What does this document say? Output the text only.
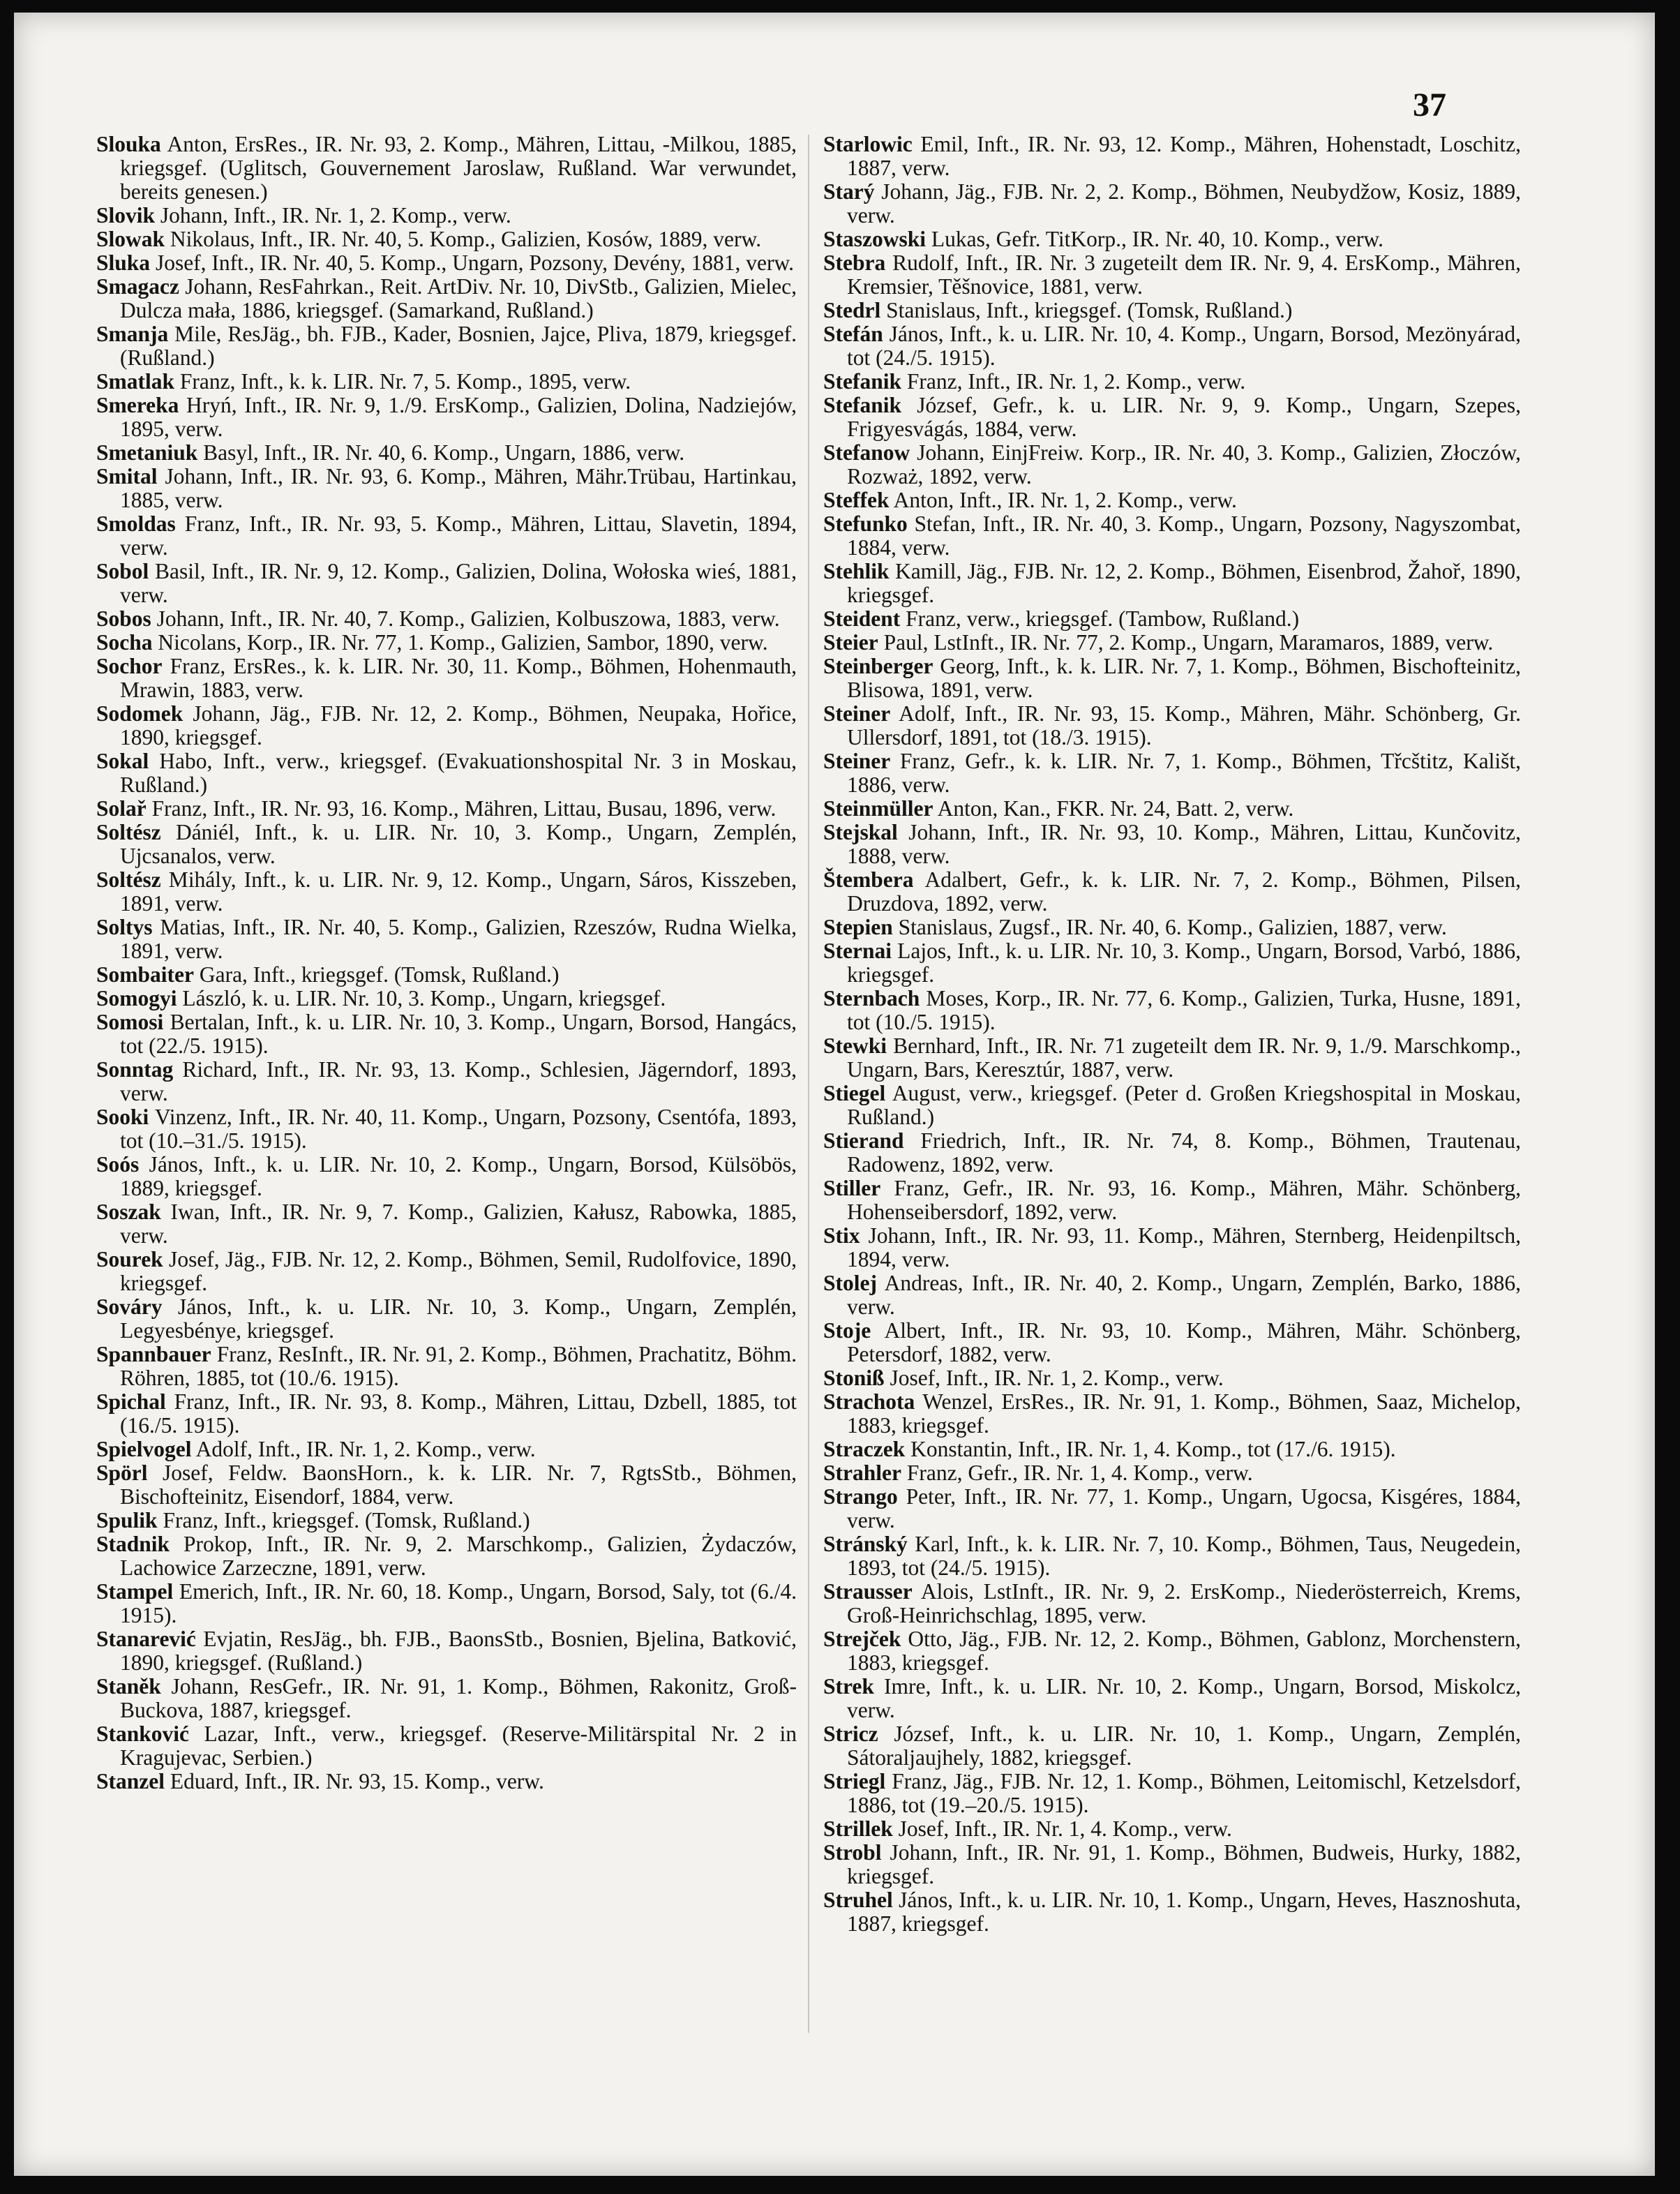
37
Slouka Anton, ErsRes., IR. Nr. 93, 2. Komp., Mähren, Littau, -Milkou, 1885, kriegsgef. (Uglitsch, Gouvernement Jaroslaw, Rußland. War verwundet, bereits genesen.)
Slovik Johann, Inft., IR. Nr. 1, 2. Komp., verw.
Slowak Nikolaus, Inft., IR. Nr. 40, 5. Komp., Galizien, Kosów, 1889, verw.
Sluka Josef, Inft., IR. Nr. 40, 5. Komp., Ungarn, Pozsony, Devény, 1881, verw.
Smagacz Johann, ResFahrkan., Reit. ArtDiv. Nr. 10, DivStb., Galizien, Mielec, Dulcza mała, 1886, kriegsgef. (Samarkand, Rußland.)
Smanja Mile, ResJäg., bh. FJB., Kader, Bosnien, Jajce, Pliva, 1879, kriegsgef. (Rußland.)
Smatlak Franz, Inft., k. k. LIR. Nr. 7, 5. Komp., 1895, verw.
Smereka Hryń, Inft., IR. Nr. 9, 1./9. ErsKomp., Galizien, Dolina, Nadziejów, 1895, verw.
Smetaniuk Basyl, Inft., IR. Nr. 40, 6. Komp., Ungarn, 1886, verw.
Smital Johann, Inft., IR. Nr. 93, 6. Komp., Mähren, Mähr.Trübau, Hartinkau, 1885, verw.
Smoldas Franz, Inft., IR. Nr. 93, 5. Komp., Mähren, Littau, Slavetin, 1894, verw.
Sobol Basil, Inft., IR. Nr. 9, 12. Komp., Galizien, Dolina, Wołoska wieś, 1881, verw.
Sobos Johann, Inft., IR. Nr. 40, 7. Komp., Galizien, Kolbuszowa, 1883, verw.
Socha Nicolans, Korp., IR. Nr. 77, 1. Komp., Galizien, Sambor, 1890, verw.
Sochor Franz, ErsRes., k. k. LIR. Nr. 30, 11. Komp., Böhmen, Hohenmauth, Mrawin, 1883, verw.
Sodomek Johann, Jäg., FJB. Nr. 12, 2. Komp., Böhmen, Neupaka, Hořice, 1890, kriegsgef.
Sokal Habo, Inft., verw., kriegsgef. (Evakuationshospital Nr. 3 in Moskau, Rußland.)
Solař Franz, Inft., IR. Nr. 93, 16. Komp., Mähren, Littau, Busau, 1896, verw.
Soltész Dániél, Inft., k. u. LIR. Nr. 10, 3. Komp., Ungarn, Zemplén, Ujcsanalos, verw.
Soltész Mihály, Inft., k. u. LIR. Nr. 9, 12. Komp., Ungarn, Sáros, Kisszeben, 1891, verw.
Soltys Matias, Inft., IR. Nr. 40, 5. Komp., Galizien, Rzeszów, Rudna Wielka, 1891, verw.
Sombaiter Gara, Inft., kriegsgef. (Tomsk, Rußland.)
Somogyi László, k. u. LIR. Nr. 10, 3. Komp., Ungarn, kriegsgef.
Somosi Bertalan, Inft., k. u. LIR. Nr. 10, 3. Komp., Ungarn, Borsod, Hangács, tot (22./5. 1915).
Sonntag Richard, Inft., IR. Nr. 93, 13. Komp., Schlesien, Jägerndorf, 1893, verw.
Sooki Vinzenz, Inft., IR. Nr. 40, 11. Komp., Ungarn, Pozsony, Csentófa, 1893, tot (10.–31./5. 1915).
Soós János, Inft., k. u. LIR. Nr. 10, 2. Komp., Ungarn, Borsod, Külsöbös, 1889, kriegsgef.
Soszak Iwan, Inft., IR. Nr. 9, 7. Komp., Galizien, Kałusz, Rabowka, 1885, verw.
Sourek Josef, Jäg., FJB. Nr. 12, 2. Komp., Böhmen, Semil, Rudolfovice, 1890, kriegsgef.
Sováry János, Inft., k. u. LIR. Nr. 10, 3. Komp., Ungarn, Zemplén, Legyesbénye, kriegsgef.
Spannbauer Franz, ResInft., IR. Nr. 91, 2. Komp., Böhmen, Prachatitz, Böhm. Röhren, 1885, tot (10./6. 1915).
Spichal Franz, Inft., IR. Nr. 93, 8. Komp., Mähren, Littau, Dzbell, 1885, tot (16./5. 1915).
Spielvogel Adolf, Inft., IR. Nr. 1, 2. Komp., verw.
Spörl Josef, Feldw. BaonsHorn., k. k. LIR. Nr. 7, RgtsStb., Böhmen, Bischofteinitz, Eisendorf, 1884, verw.
Spulik Franz, Inft., kriegsgef. (Tomsk, Rußland.)
Stadnik Prokop, Inft., IR. Nr. 9, 2. Marschkomp., Galizien, Żydaczów, Lachowice Zarzeczne, 1891, verw.
Stampel Emerich, Inft., IR. Nr. 60, 18. Komp., Ungarn, Borsod, Saly, tot (6./4. 1915).
Stanarević Evjatin, ResJäg., bh. FJB., BaonsStb., Bosnien, Bjelina, Batković, 1890, kriegsgef. (Rußland.)
Staněk Johann, ResGefr., IR. Nr. 91, 1. Komp., Böhmen, Rakonitz, Groß-Buckova, 1887, kriegsgef.
Stanković Lazar, Inft., verw., kriegsgef. (Reserve-Militärspital Nr. 2 in Kragujevac, Serbien.)
Stanzel Eduard, Inft., IR. Nr. 93, 15. Komp., verw.
Starlowic Emil, Inft., IR. Nr. 93, 12. Komp., Mähren, Hohenstadt, Loschitz, 1887, verw.
Starý Johann, Jäg., FJB. Nr. 2, 2. Komp., Böhmen, Neubydžow, Kosiz, 1889, verw.
Staszowski Lukas, Gefr. TitKorp., IR. Nr. 40, 10. Komp., verw.
Stebra Rudolf, Inft., IR. Nr. 3 zugeteilt dem IR. Nr. 9, 4. ErsKomp., Mähren, Kremsier, Těšnovice, 1881, verw.
Stedrl Stanislaus, Inft., kriegsgef. (Tomsk, Rußland.)
Stefán János, Inft., k. u. LIR. Nr. 10, 4. Komp., Ungarn, Borsod, Mezönyárad, tot (24./5. 1915).
Stefanik Franz, Inft., IR. Nr. 1, 2. Komp., verw.
Stefanik József, Gefr., k. u. LIR. Nr. 9, 9. Komp., Ungarn, Szepes, Frigyesvágás, 1884, verw.
Stefanow Johann, EinjFreiw. Korp., IR. Nr. 40, 3. Komp., Galizien, Złoczów, Rozważ, 1892, verw.
Steffek Anton, Inft., IR. Nr. 1, 2. Komp., verw.
Stefunko Stefan, Inft., IR. Nr. 40, 3. Komp., Ungarn, Pozsony, Nagyszombat, 1884, verw.
Stehlik Kamill, Jäg., FJB. Nr. 12, 2. Komp., Böhmen, Eisenbrod, Žahoř, 1890, kriegsgef.
Steident Franz, verw., kriegsgef. (Tambow, Rußland.)
Steier Paul, LstInft., IR. Nr. 77, 2. Komp., Ungarn, Maramaros, 1889, verw.
Steinberger Georg, Inft., k. k. LIR. Nr. 7, 1. Komp., Böhmen, Bischofteinitz, Blisowa, 1891, verw.
Steiner Adolf, Inft., IR. Nr. 93, 15. Komp., Mähren, Mähr. Schönberg, Gr. Ullersdorf, 1891, tot (18./3. 1915).
Steiner Franz, Gefr., k. k. LIR. Nr. 7, 1. Komp., Böhmen, Třcštitz, Kališt, 1886, verw.
Steinmüller Anton, Kan., FKR. Nr. 24, Batt. 2, verw.
Stejskal Johann, Inft., IR. Nr. 93, 10. Komp., Mähren, Littau, Kunčovitz, 1888, verw.
Štembera Adalbert, Gefr., k. k. LIR. Nr. 7, 2. Komp., Böhmen, Pilsen, Druzdova, 1892, verw.
Stepien Stanislaus, Zugsf., IR. Nr. 40, 6. Komp., Galizien, 1887, verw.
Sternai Lajos, Inft., k. u. LIR. Nr. 10, 3. Komp., Ungarn, Borsod, Varbó, 1886, kriegsgef.
Sternbach Moses, Korp., IR. Nr. 77, 6. Komp., Galizien, Turka, Husne, 1891, tot (10./5. 1915).
Stewki Bernhard, Inft., IR. Nr. 71 zugeteilt dem IR. Nr. 9, 1./9. Marschkomp., Ungarn, Bars, Keresztúr, 1887, verw.
Stiegel August, verw., kriegsgef. (Peter d. Großen Kriegshospital in Moskau, Rußland.)
Stierand Friedrich, Inft., IR. Nr. 74, 8. Komp., Böhmen, Trautenau, Radowenz, 1892, verw.
Stiller Franz, Gefr., IR. Nr. 93, 16. Komp., Mähren, Mähr. Schönberg, Hohenseibersdorf, 1892, verw.
Stix Johann, Inft., IR. Nr. 93, 11. Komp., Mähren, Sternberg, Heidenpiltsch, 1894, verw.
Stolej Andreas, Inft., IR. Nr. 40, 2. Komp., Ungarn, Zemplén, Barko, 1886, verw.
Stoje Albert, Inft., IR. Nr. 93, 10. Komp., Mähren, Mähr. Schönberg, Petersdorf, 1882, verw.
Stoniß Josef, Inft., IR. Nr. 1, 2. Komp., verw.
Strachota Wenzel, ErsRes., IR. Nr. 91, 1. Komp., Böhmen, Saaz, Michelop, 1883, kriegsgef.
Straczek Konstantin, Inft., IR. Nr. 1, 4. Komp., tot (17./6. 1915).
Strahler Franz, Gefr., IR. Nr. 1, 4. Komp., verw.
Strango Peter, Inft., IR. Nr. 77, 1. Komp., Ungarn, Ugocsa, Kisgéres, 1884, verw.
Stránský Karl, Inft., k. k. LIR. Nr. 7, 10. Komp., Böhmen, Taus, Neugedein, 1893, tot (24./5. 1915).
Strausser Alois, LstInft., IR. Nr. 9, 2. ErsKomp., Niederösterreich, Krems, Groß-Heinrichschlag, 1895, verw.
Strejček Otto, Jäg., FJB. Nr. 12, 2. Komp., Böhmen, Gablonz, Morchenstern, 1883, kriegsgef.
Strek Imre, Inft., k. u. LIR. Nr. 10, 2. Komp., Ungarn, Borsod, Miskolcz, verw.
Stricz József, Inft., k. u. LIR. Nr. 10, 1. Komp., Ungarn, Zemplén, Sátoraljaujhely, 1882, kriegsgef.
Striegl Franz, Jäg., FJB. Nr. 12, 1. Komp., Böhmen, Leitomischl, Ketzelsdorf, 1886, tot (19.–20./5. 1915).
Strillek Josef, Inft., IR. Nr. 1, 4. Komp., verw.
Strobl Johann, Inft., IR. Nr. 91, 1. Komp., Böhmen, Budweis, Hurky, 1882, kriegsgef.
Struhel János, Inft., k. u. LIR. Nr. 10, 1. Komp., Ungarn, Heves, Hasznoshuta, 1887, kriegsgef.
